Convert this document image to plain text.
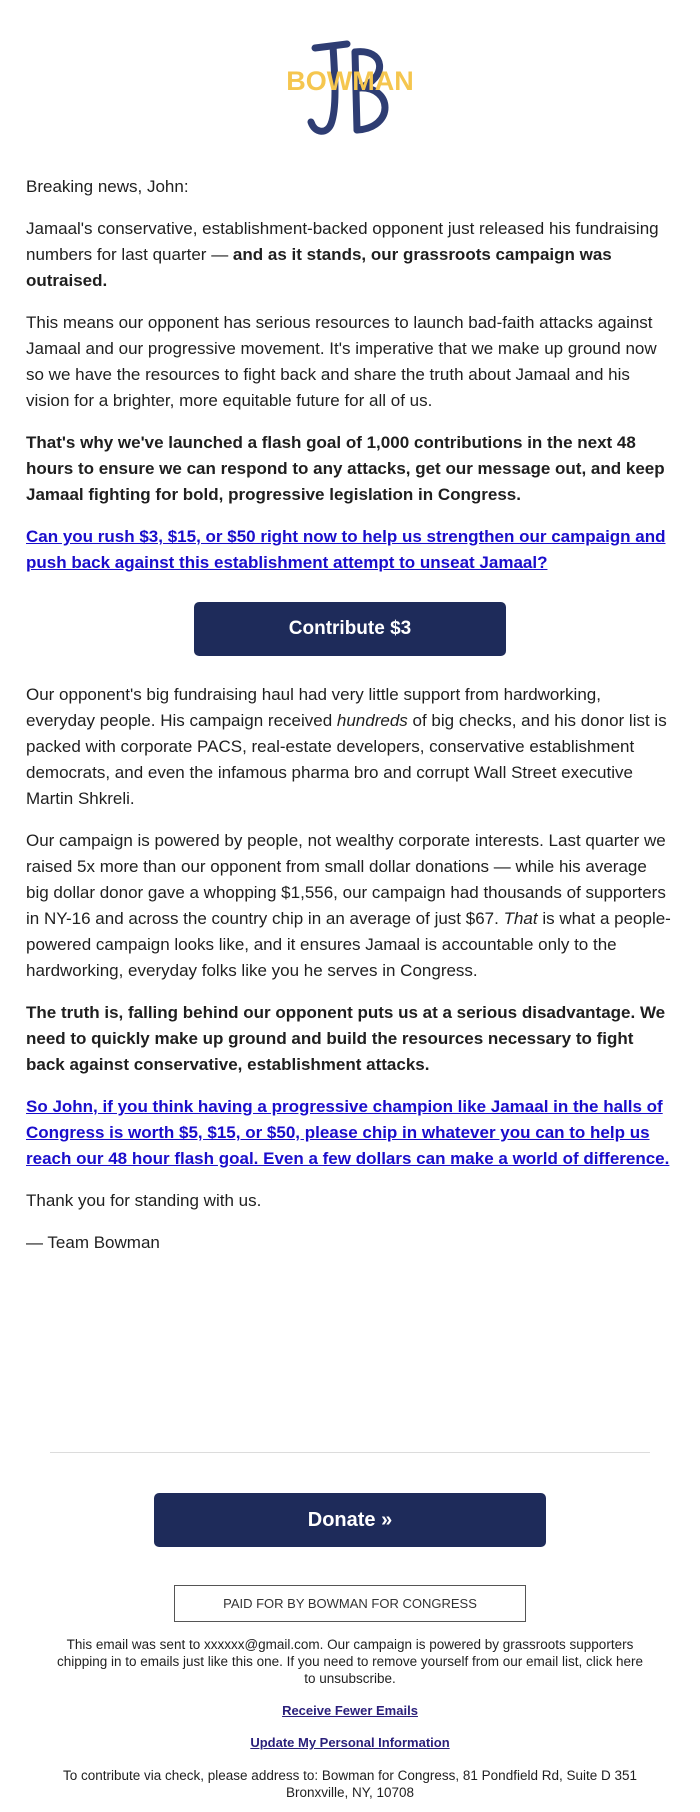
BOWMAN

Breaking news, John:

Jamaal's conservative, establishment-backed opponent just released his fundraising numbers for last quarter — and as it stands, our grassroots campaign was outraised.

This means our opponent has serious resources to launch bad-faith attacks against Jamaal and our progressive movement. It's imperative that we make up ground now so we have the resources to fight back and share the truth about Jamaal and his vision for a brighter, more equitable future for all of us.

That's why we've launched a flash goal of 1,000 contributions in the next 48 hours to ensure we can respond to any attacks, get our message out, and keep Jamaal fighting for bold, progressive legislation in Congress.

Can you rush $3, $15, or $50 right now to help us strengthen our campaign and push back against this establishment attempt to unseat Jamaal?

Contribute $3

Our opponent's big fundraising haul had very little support from hardworking, everyday people. His campaign received hundreds of big checks, and his donor list is packed with corporate PACS, real-estate developers, conservative establishment democrats, and even the infamous pharma bro and corrupt Wall Street executive Martin Shkreli.

Our campaign is powered by people, not wealthy corporate interests. Last quarter we raised 5x more than our opponent from small dollar donations — while his average big dollar donor gave a whopping $1,556, our campaign had thousands of supporters in NY-16 and across the country chip in an average of just $67. That is what a people-powered campaign looks like, and it ensures Jamaal is accountable only to the hardworking, everyday folks like you he serves in Congress.

The truth is, falling behind our opponent puts us at a serious disadvantage. We need to quickly make up ground and build the resources necessary to fight back against conservative, establishment attacks.

So John, if you think having a progressive champion like Jamaal in the halls of Congress is worth $5, $15, or $50, please chip in whatever you can to help us reach our 48 hour flash goal. Even a few dollars can make a world of difference.

Thank you for standing with us.

— Team Bowman

Donate »
PAID FOR BY BOWMAN FOR CONGRESS
This email was sent to xxxxxx@gmail.com. Our campaign is powered by grassroots supporters chipping in to emails just like this one. If you need to remove yourself from our email list, click here to unsubscribe.
Receive Fewer Emails
Update My Personal Information
To contribute via check, please address to: Bowman for Congress, 81 Pondfield Rd, Suite D 351 Bronxville, NY, 10708
